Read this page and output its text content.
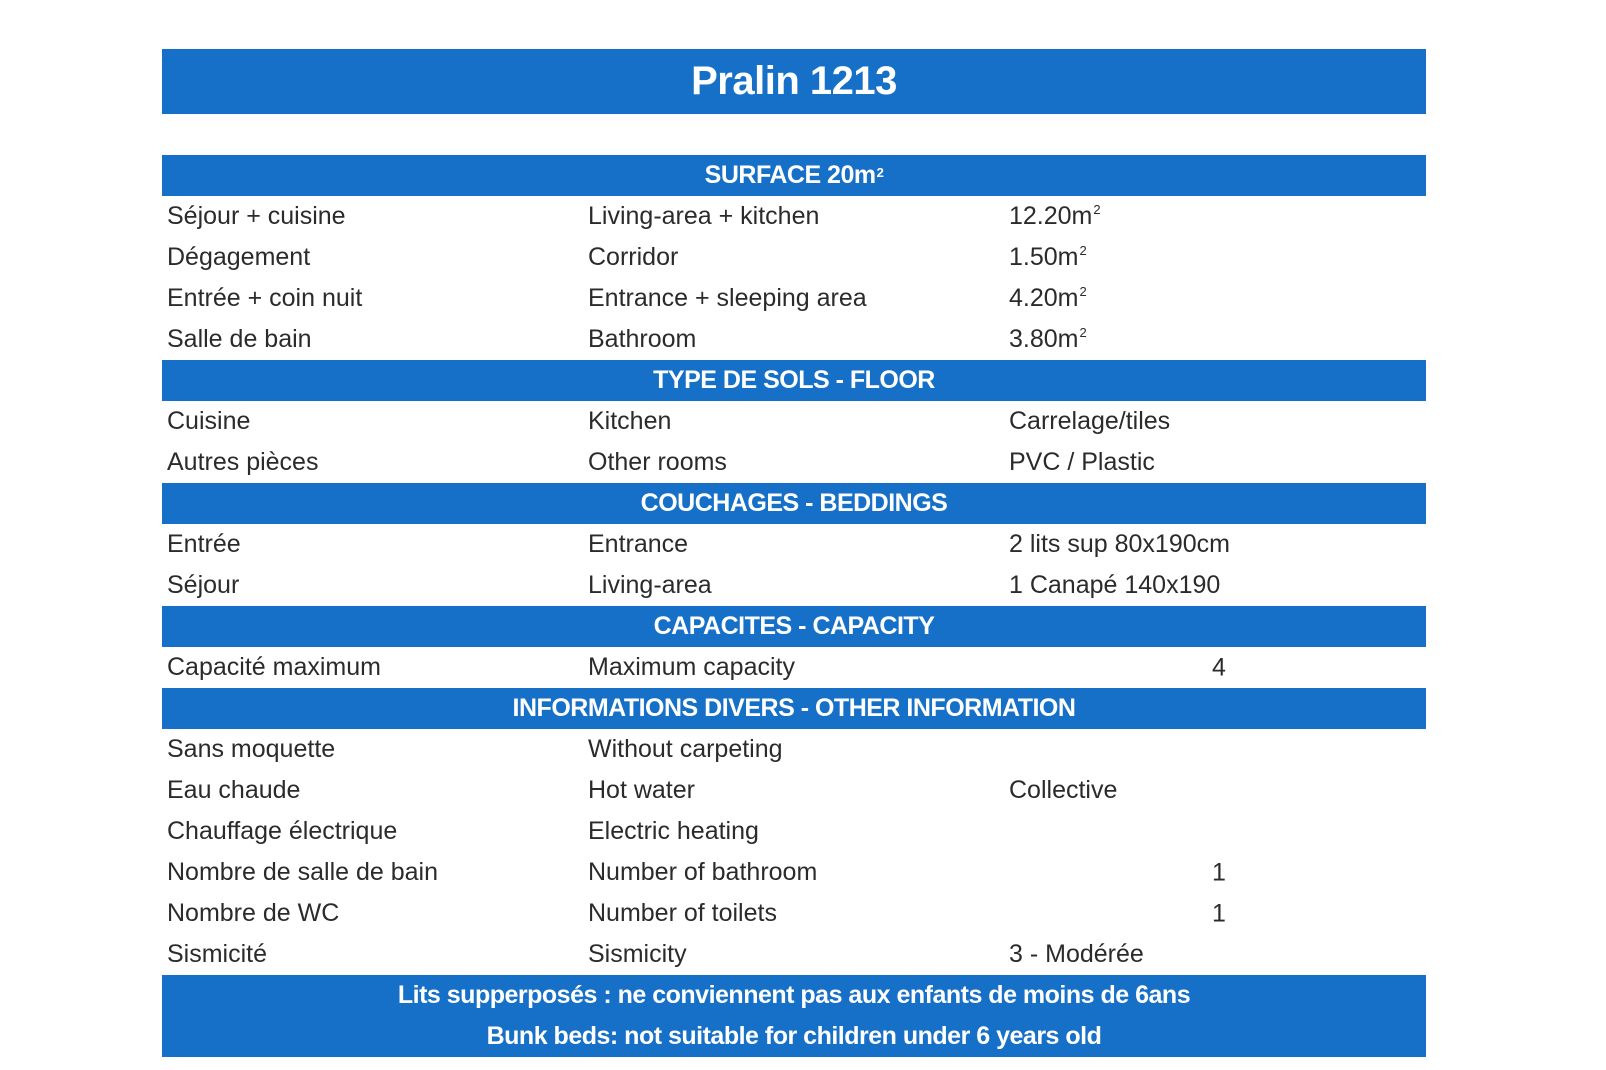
Pralin 1213
SURFACE $20m^2$
Séjour + cuisine	Living-area + kitchen	$12.20m^2$
Dégagement	Corridor	$1.50m^2$
Entrée + coin nuit	Entrance + sleeping area	$4.20m^2$
Salle de bain	Bathroom	$3.80m^2$
TYPE DE SOLS - FLOOR
Cuisine	Kitchen	Carrelage/tiles
Autres pièces	Other rooms	PVC / Plastic
COUCHAGES - BEDDINGS
Entrée	Entrance	2 lits sup 80x190cm
Séjour	Living-area	1 Canapé 140x190
CAPACITES - CAPACITY
Capacité maximum	Maximum capacity	4
INFORMATIONS DIVERS - OTHER INFORMATION
Sans moquette	Without carpeting
Eau chaude	Hot water	Collective
Chauffage électrique	Electric heating
Nombre de salle de bain	Number of bathroom	1
Nombre de WC	Number of toilets	1
Sismicité	Sismicity	3 - Modérée
Lits supperposés : ne conviennent pas aux enfants de moins de 6ans
Bunk beds: not suitable for children under 6 years old
